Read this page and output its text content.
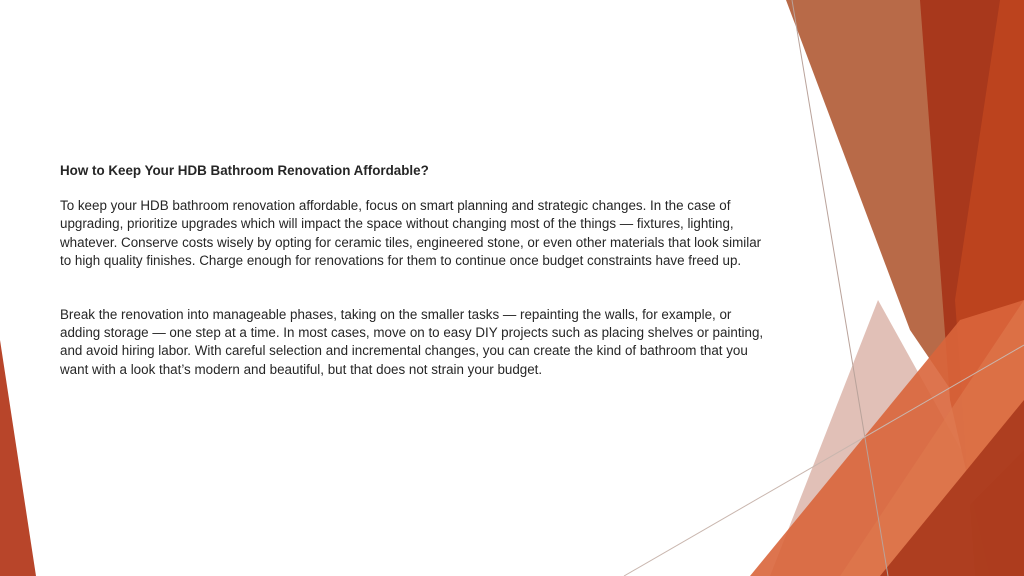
How to Keep Your HDB Bathroom Renovation Affordable?

To keep your HDB bathroom renovation affordable, focus on smart planning and strategic changes. In the case of upgrading, prioritize upgrades which will impact the space without changing most of the things — fixtures, lighting, whatever. Conserve costs wisely by opting for ceramic tiles, engineered stone, or even other materials that look similar to high quality finishes. Charge enough for renovations for them to continue once budget constraints have freed up.

Break the renovation into manageable phases, taking on the smaller tasks — repainting the walls, for example, or adding storage — one step at a time. In most cases, move on to easy DIY projects such as placing shelves or painting, and avoid hiring labor. With careful selection and incremental changes, you can create the kind of bathroom that you want with a look that’s modern and beautiful, but that does not strain your budget.
